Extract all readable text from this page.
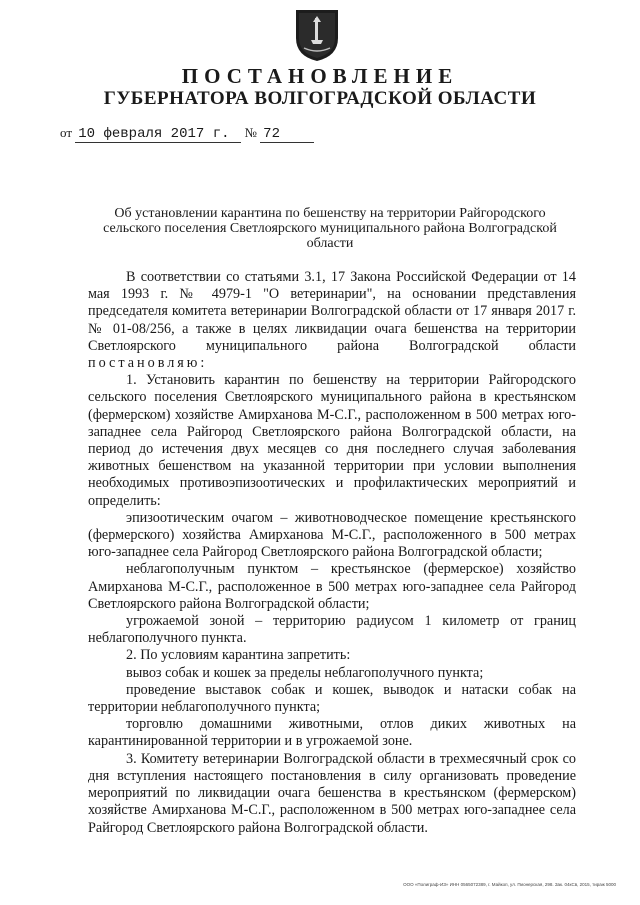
ПОСТАНОВЛЕНИЕ
ГУБЕРНАТОРА ВОЛГОГРАДСКОЙ ОБЛАСТИ
от 10 февраля 2017 г. № 72
Об установлении карантина по бешенству на территории Райгородского сельского поселения Светлоярского муниципального района Волгоградской области

В соответствии со статьями 3.1, 17 Закона Российской Федерации от 14 мая 1993 г. № 4979-1 "О ветеринарии", на основании представления председателя комитета ветеринарии Волгоградской области от 17 января 2017 г. № 01-08/256, а также в целях ликвидации очага бешенства на территории Светлоярского муниципального района Волгоградской области постановляю:

1. Установить карантин по бешенству на территории Райгородского сельского поселения Светлоярского муниципального района в крестьянском (фермерском) хозяйстве Амирханова М-С.Г., расположенном в 500 метрах юго-западнее села Райгород Светлоярского района Волгоградской области, на период до истечения двух месяцев со дня последнего случая заболевания животных бешенством на указанной территории при условии выполнения необходимых противоэпизоотических и профилактических мероприятий и определить:

эпизоотическим очагом – животноводческое помещение крестьянского (фермерского) хозяйства Амирханова М-С.Г., расположенного в 500 метрах юго-западнее села Райгород Светлоярского района Волгоградской области;

неблагополучным пунктом – крестьянское (фермерское) хозяйство Амирханова М-С.Г., расположенное в 500 метрах юго-западнее села Райгород Светлоярского района Волгоградской области;

угрожаемой зоной – территорию радиусом 1 километр от границ неблагополучного пункта.

2. По условиям карантина запретить:

вывоз собак и кошек за пределы неблагополучного пункта;

проведение выставок собак и кошек, выводок и натаски собак на территории неблагополучного пункта;

торговлю домашними животными, отлов диких животных на карантинированной территории и в угрожаемой зоне.

3. Комитету ветеринарии Волгоградской области в трехмесячный срок со дня вступления настоящего постановления в силу организовать проведение мероприятий по ликвидации очага бешенства в крестьянском (фермерском) хозяйстве Амирханова М-С.Г., расположенном в 500 метрах юго-западнее села Райгород Светлоярского района Волгоградской области.

ООО «Полиграф-ИЗ» ИНН 0565072389, г. Майкоп, ул. Пионерская, 298. Зак. 04кСв, 2015, тираж 5000
